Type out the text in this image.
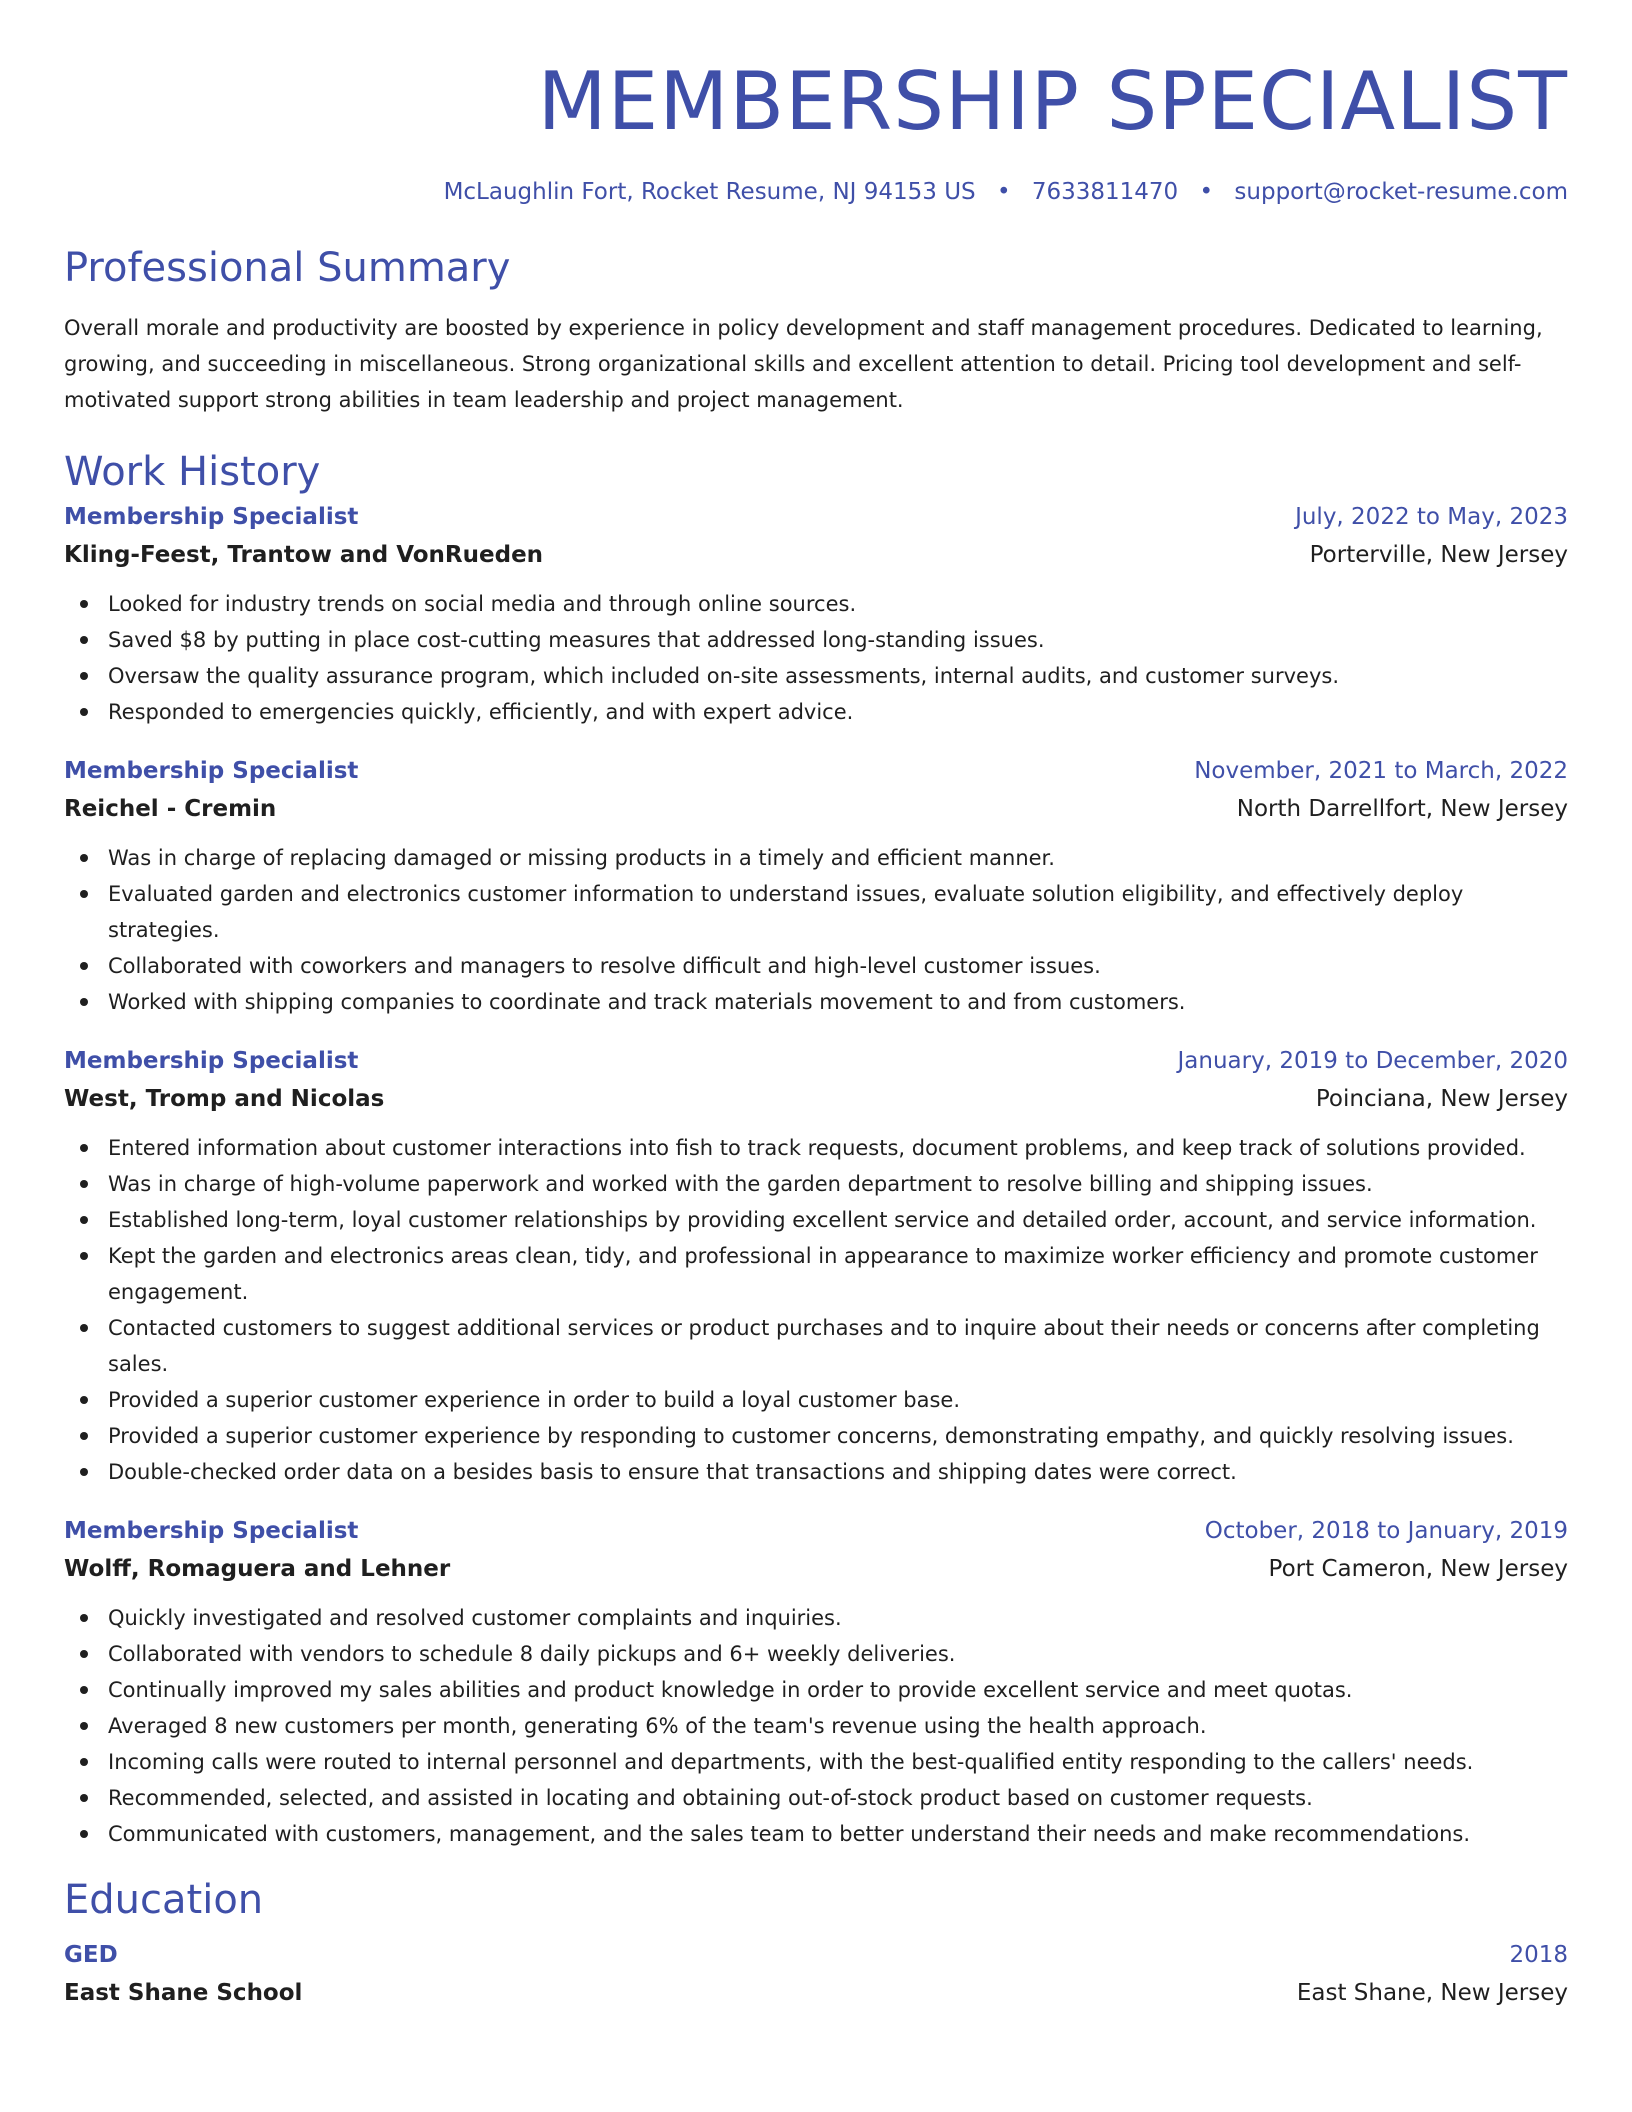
MEMBERSHIP SPECIALIST
McLaughlin Fort, Rocket Resume, NJ 94153 US • 7633811470 • support@rocket-resume.com
Professional Summary

Overall morale and productivity are boosted by experience in policy development and staff management procedures. Dedicated to learning, growing, and succeeding in miscellaneous. Strong organizational skills and excellent attention to detail. Pricing tool development and self-motivated support strong abilities in team leadership and project management.

Work History
Membership Specialist	July, 2022 to May, 2023
Kling-Feest, Trantow and VonRueden	Porterville, New Jersey
Looked for industry trends on social media and through online sources.
Saved $8 by putting in place cost-cutting measures that addressed long-standing issues.
Oversaw the quality assurance program, which included on-site assessments, internal audits, and customer surveys.
Responded to emergencies quickly, efficiently, and with expert advice.
Membership Specialist	November, 2021 to March, 2022
Reichel - Cremin	North Darrellfort, New Jersey
Was in charge of replacing damaged or missing products in a timely and efficient manner.
Evaluated garden and electronics customer information to understand issues, evaluate solution eligibility, and effectively deploy strategies.
Collaborated with coworkers and managers to resolve difficult and high-level customer issues.
Worked with shipping companies to coordinate and track materials movement to and from customers.
Membership Specialist	January, 2019 to December, 2020
West, Tromp and Nicolas	Poinciana, New Jersey
Entered information about customer interactions into fish to track requests, document problems, and keep track of solutions provided.
Was in charge of high-volume paperwork and worked with the garden department to resolve billing and shipping issues.
Established long-term, loyal customer relationships by providing excellent service and detailed order, account, and service information.
Kept the garden and electronics areas clean, tidy, and professional in appearance to maximize worker efficiency and promote customer engagement.
Contacted customers to suggest additional services or product purchases and to inquire about their needs or concerns after completing sales.
Provided a superior customer experience in order to build a loyal customer base.
Provided a superior customer experience by responding to customer concerns, demonstrating empathy, and quickly resolving issues.
Double-checked order data on a besides basis to ensure that transactions and shipping dates were correct.
Membership Specialist	October, 2018 to January, 2019
Wolff, Romaguera and Lehner	Port Cameron, New Jersey
Quickly investigated and resolved customer complaints and inquiries.
Collaborated with vendors to schedule 8 daily pickups and 6+ weekly deliveries.
Continually improved my sales abilities and product knowledge in order to provide excellent service and meet quotas.
Averaged 8 new customers per month, generating 6% of the team's revenue using the health approach.
Incoming calls were routed to internal personnel and departments, with the best-qualified entity responding to the callers' needs.
Recommended, selected, and assisted in locating and obtaining out-of-stock product based on customer requests.
Communicated with customers, management, and the sales team to better understand their needs and make recommendations.
Education
GED	2018
East Shane School	East Shane, New Jersey
